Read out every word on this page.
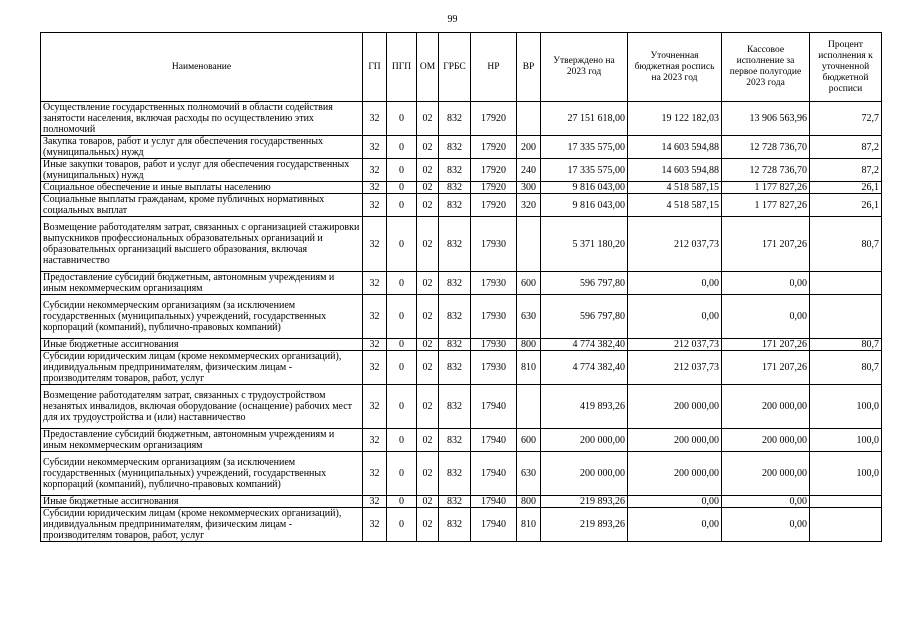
99
Наименование	ГП	ПГП	ОМ	ГРБС	НР	ВР	Утверждено на 2023 год	Уточненная бюджетная роспись на 2023 год	Кассовое исполнение за первое полугодие 2023 года	Процент исполнения к уточненной бюджетной росписи
Осуществление государственных полномочий в области содействия занятости населения, включая расходы по осуществлению этих полномочий	32	0	02	832	17920		27 151 618,00	19 122 182,03	13 906 563,96	72,7
Закупка товаров, работ и услуг для обеспечения государственных (муниципальных) нужд	32	0	02	832	17920	200	17 335 575,00	14 603 594,88	12 728 736,70	87,2
Иные закупки товаров, работ и услуг для обеспечения государственных (муниципальных) нужд	32	0	02	832	17920	240	17 335 575,00	14 603 594,88	12 728 736,70	87,2
Социальное обеспечение и иные выплаты населению	32	0	02	832	17920	300	9 816 043,00	4 518 587,15	1 177 827,26	26,1
Социальные выплаты гражданам, кроме публичных нормативных социальных выплат	32	0	02	832	17920	320	9 816 043,00	4 518 587,15	1 177 827,26	26,1
Возмещение работодателям затрат, связанных с организацией стажировки выпускников профессиональных образовательных организаций и образовательных организаций высшего образования, включая наставничество	32	0	02	832	17930		5 371 180,20	212 037,73	171 207,26	80,7
Предоставление субсидий бюджетным, автономным учреждениям и иным некоммерческим организациям	32	0	02	832	17930	600	596 797,80	0,00	0,00	
Субсидии некоммерческим организациям (за исключением государственных (муниципальных) учреждений, государственных корпораций (компаний), публично-правовых компаний)	32	0	02	832	17930	630	596 797,80	0,00	0,00	
Иные бюджетные ассигнования	32	0	02	832	17930	800	4 774 382,40	212 037,73	171 207,26	80,7
Субсидии юридическим лицам (кроме некоммерческих организаций), индивидуальным предпринимателям, физическим лицам - производителям товаров, работ, услуг	32	0	02	832	17930	810	4 774 382,40	212 037,73	171 207,26	80,7
Возмещение работодателям затрат, связанных с трудоустройством незанятых инвалидов, включая оборудование (оснащение) рабочих мест для их трудоустройства и (или) наставничество	32	0	02	832	17940		419 893,26	200 000,00	200 000,00	100,0
Предоставление субсидий бюджетным, автономным учреждениям и иным некоммерческим организациям	32	0	02	832	17940	600	200 000,00	200 000,00	200 000,00	100,0
Субсидии некоммерческим организациям (за исключением государственных (муниципальных) учреждений, государственных корпораций (компаний), публично-правовых компаний)	32	0	02	832	17940	630	200 000,00	200 000,00	200 000,00	100,0
Иные бюджетные ассигнования	32	0	02	832	17940	800	219 893,26	0,00	0,00	
Субсидии юридическим лицам (кроме некоммерческих организаций), индивидуальным предпринимателям, физическим лицам - производителям товаров, работ, услуг	32	0	02	832	17940	810	219 893,26	0,00	0,00	
